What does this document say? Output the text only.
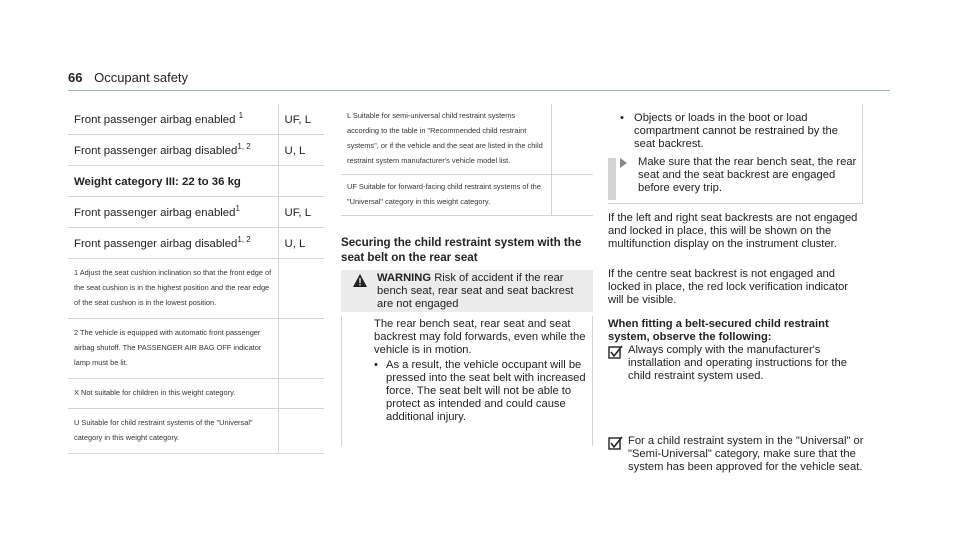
66 Occupant safety
Front passenger airbag enabled $^1$	UF, L
Front passenger airbag disabled$^{1, 2}$	U, L
Weight category III: 22 to 36 kg	
Front passenger airbag enabled$^1$	UF, L
Front passenger airbag disabled$^{1, 2}$	U, L
1 Adjust the seat cushion inclination so that the front edge of the seat cushion is in the highest position and the rear edge of the seat cushion is in the lowest position.	
2 The vehicle is equipped with automatic front passenger airbag shutoff. The PASSENGER AIR BAG OFF indicator lamp must be lit.	
X Not suitable for children in this weight category.	
U Suitable for child restraint systems of the "Universal" category in this weight category.	
L Suitable for semi-universal child restraint systems according to the table in "Recommended child restraint systems", or if the vehicle and the seat are listed in the child restraint system manufacturer's vehicle model list.	
UF Suitable for forward-facing child restraint systems of the "Universal" category in this weight category.	
Securing the child restraint system with the seat belt on the rear seat
WARNING Risk of accident if the rear bench seat, rear seat and seat backrest are not engaged

The rear bench seat, rear seat and seat backrest may fold forwards, even while the vehicle is in motion.

• As a result, the vehicle occupant will be pressed into the seat belt with increased force. The seat belt will not be able to protect as intended and could cause additional injury.
• Objects or loads in the boot or load compartment cannot be restrained by the seat backrest.
Make sure that the rear bench seat, the rear seat and the seat backrest are engaged before every trip.
If the left and right seat backrests are not engaged and locked in place, this will be shown on the multifunction display on the instrument cluster.
If the centre seat backrest is not engaged and locked in place, the red lock verification indicator will be visible.
When fitting a belt-secured child restraint system, observe the following:
Always comply with the manufacturer's installation and operating instructions for the child restraint system used.
For a child restraint system in the "Universal" or "Semi-Universal" category, make sure that the system has been approved for the vehicle seat.
